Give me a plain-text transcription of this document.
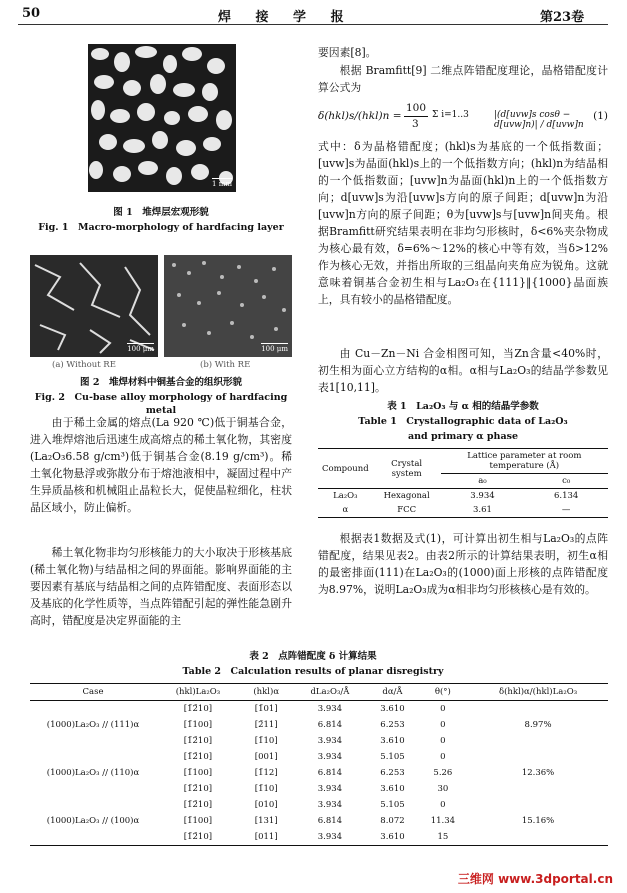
50	焊 接 学 报	第23卷
1 mm
图 1　堆焊层宏观形貌
Fig. 1　Macro-morphology of hardfacing layer
100 μm	100 μm
(a) Without RE	(b) With RE
图 2　堆焊材料中铜基合金的组织形貌
Fig. 2　Cu-base alloy morphology of hardfacing metal
由于稀土金属的熔点(La 920 ℃)低于铜基合金，进入堆焊熔池后迅速生成高熔点的稀土氧化物，其密度(La₂O₃6.58 g/cm³)低于铜基合金(8.19 g/cm³)。稀土氧化物悬浮或弥散分布于熔池液相中，凝固过程中产生异质晶核和机械阻止晶粒长大，促使晶粒细化，柱状晶区域小，防止偏析。
稀土氧化物非均匀形核能力的大小取决于形核基底(稀土氧化物)与结晶相之间的界面能。影响界面能的主要因素有基底与结晶相之间的点阵错配度、表面形态以及基底的化学性质等，当点阵错配引起的弹性能急剧升高时，错配度是决定界面能的主
要因素[8]。
根据 Bramfitt[9] 二维点阵错配度理论，晶格错配度计算公式为
δ(hkl)s/(hkl)n =
100
3
Σ i=1..3	|(d[uvw]s cosθ − d[uvw]n)| / d[uvw]n
(1)
式中：δ为晶格错配度；(hkl)s为基底的一个低指数面；[uvw]s为晶面(hkl)s上的一个低指数方向；(hkl)n为结晶相的一个低指数面；[uvw]n为晶面(hkl)n上的一个低指数方向；d[uvw]s为沿[uvw]s方向的原子间距；d[uvw]n为沿[uvw]n方向的原子间距；θ为[uvw]s与[uvw]n间夹角。根据Bramfitt研究结果表明在非均匀形核时，δ<6%夹杂物成为核心最有效，δ=6%～12%的核心中等有效，当δ>12%作为核心无效，并指出所取的三组晶向夹角应为锐角。这就意味着铜基合金初生相与La₂O₃在{111}‖{1000}晶面族上，具有较小的晶格错配度。
由 Cu－Zn－Ni 合金相图可知，当Zn含量<40%时，初生相为面心立方结构的α相。α相与La₂O₃的结晶学参数见表1[10,11]。
表 1　La₂O₃ 与 α 相的结晶学参数
Table 1　Crystallographic data of La₂O₃
and primary α phase
Compound	Crystal system	Lattice parameter at room temperature (Å)	
		a₀	c₀
La₂O₃	Hexagonal	3.934	6.134
α	FCC	3.61	—
根据表1数据及式(1)，可计算出初生相与La₂O₃的点阵错配度，结果见表2。由表2所示的计算结果表明，初生α相的最密排面(111)在La₂O₃的(1000)面上形核的点阵错配度为8.97%，说明La₂O₃成为α相非均匀形核核心是有效的。
表 2　点阵错配度 δ 计算结果
Table 2　Calculation results of planar disregistry
Case	(hkl)La₂O₃	(hkl)α	dLa₂O₃/Å	dα/Å	θ(°)	δ(hkl)α/(hkl)La₂O₃
(1000)La₂O₃ // (111)α	[1̄2̄10]	[1̄01]	3.934	3.610	0	8.97%
	[1̄100]	[2̄11]	6.814	6.253	0	
	[1̄2̄10]	[1̄10]	3.934	3.610	0	
(1000)La₂O₃ // (110)α	[1̄2̄10]	[001]	3.934	5.105	0	12.36%
	[1̄100]	[1̄12]	6.814	6.253	5.26	
	[1̄2̄10]	[1̄10]	3.934	3.610	30	
(1000)La₂O₃ // (100)α	[1̄2̄10]	[010]	3.934	5.105	0	15.16%
	[1̄100]	[131]	6.814	8.072	11.34	
	[1̄2̄10]	[011]	3.934	3.610	15	
三维网 www.3dportal.cn
